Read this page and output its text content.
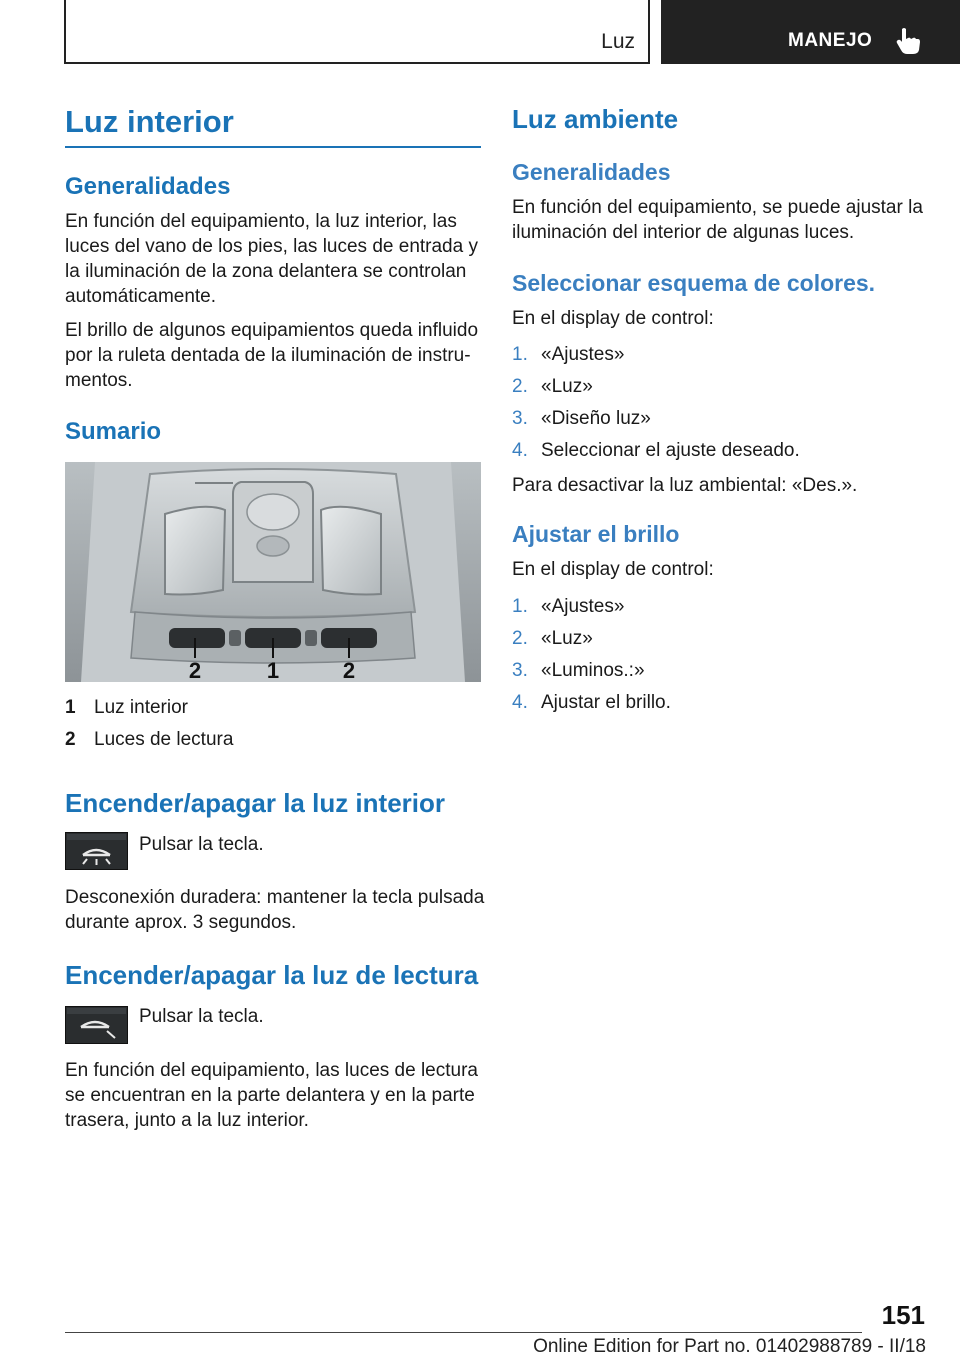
Luz	MANEJO
Luz interior
Generalidades
En función del equipamiento, la luz interior, las
luces del vano de los pies, las luces de entrada y
la iluminación de la zona delantera se controlan
automáticamente.
El brillo de algunos equipamientos queda influido
por la ruleta dentada de la iluminación de instru-
mentos.
Sumario
2	1	2
1 Luz interior
2 Luces de lectura
Encender/apagar la luz interior
Pulsar la tecla.
Desconexión duradera: mantener la tecla pulsada
durante aprox. 3 segundos.
Encender/apagar la luz de lectura
Pulsar la tecla.
En función del equipamiento, las luces de lectura
se encuentran en la parte delantera y en la parte
trasera, junto a la luz interior.
Luz ambiente
Generalidades
En función del equipamiento, se puede ajustar la
iluminación del interior de algunas luces.
Seleccionar esquema de colores.
En el display de control:
1. «Ajustes»
2. «Luz»
3. «Diseño luz»
4. Seleccionar el ajuste deseado.
Para desactivar la luz ambiental: «Des.».
Ajustar el brillo
En el display de control:
1. «Ajustes»
2. «Luz»
3. «Luminos.:»
4. Ajustar el brillo.
151
Online Edition for Part no. 01402988789 - II/18
